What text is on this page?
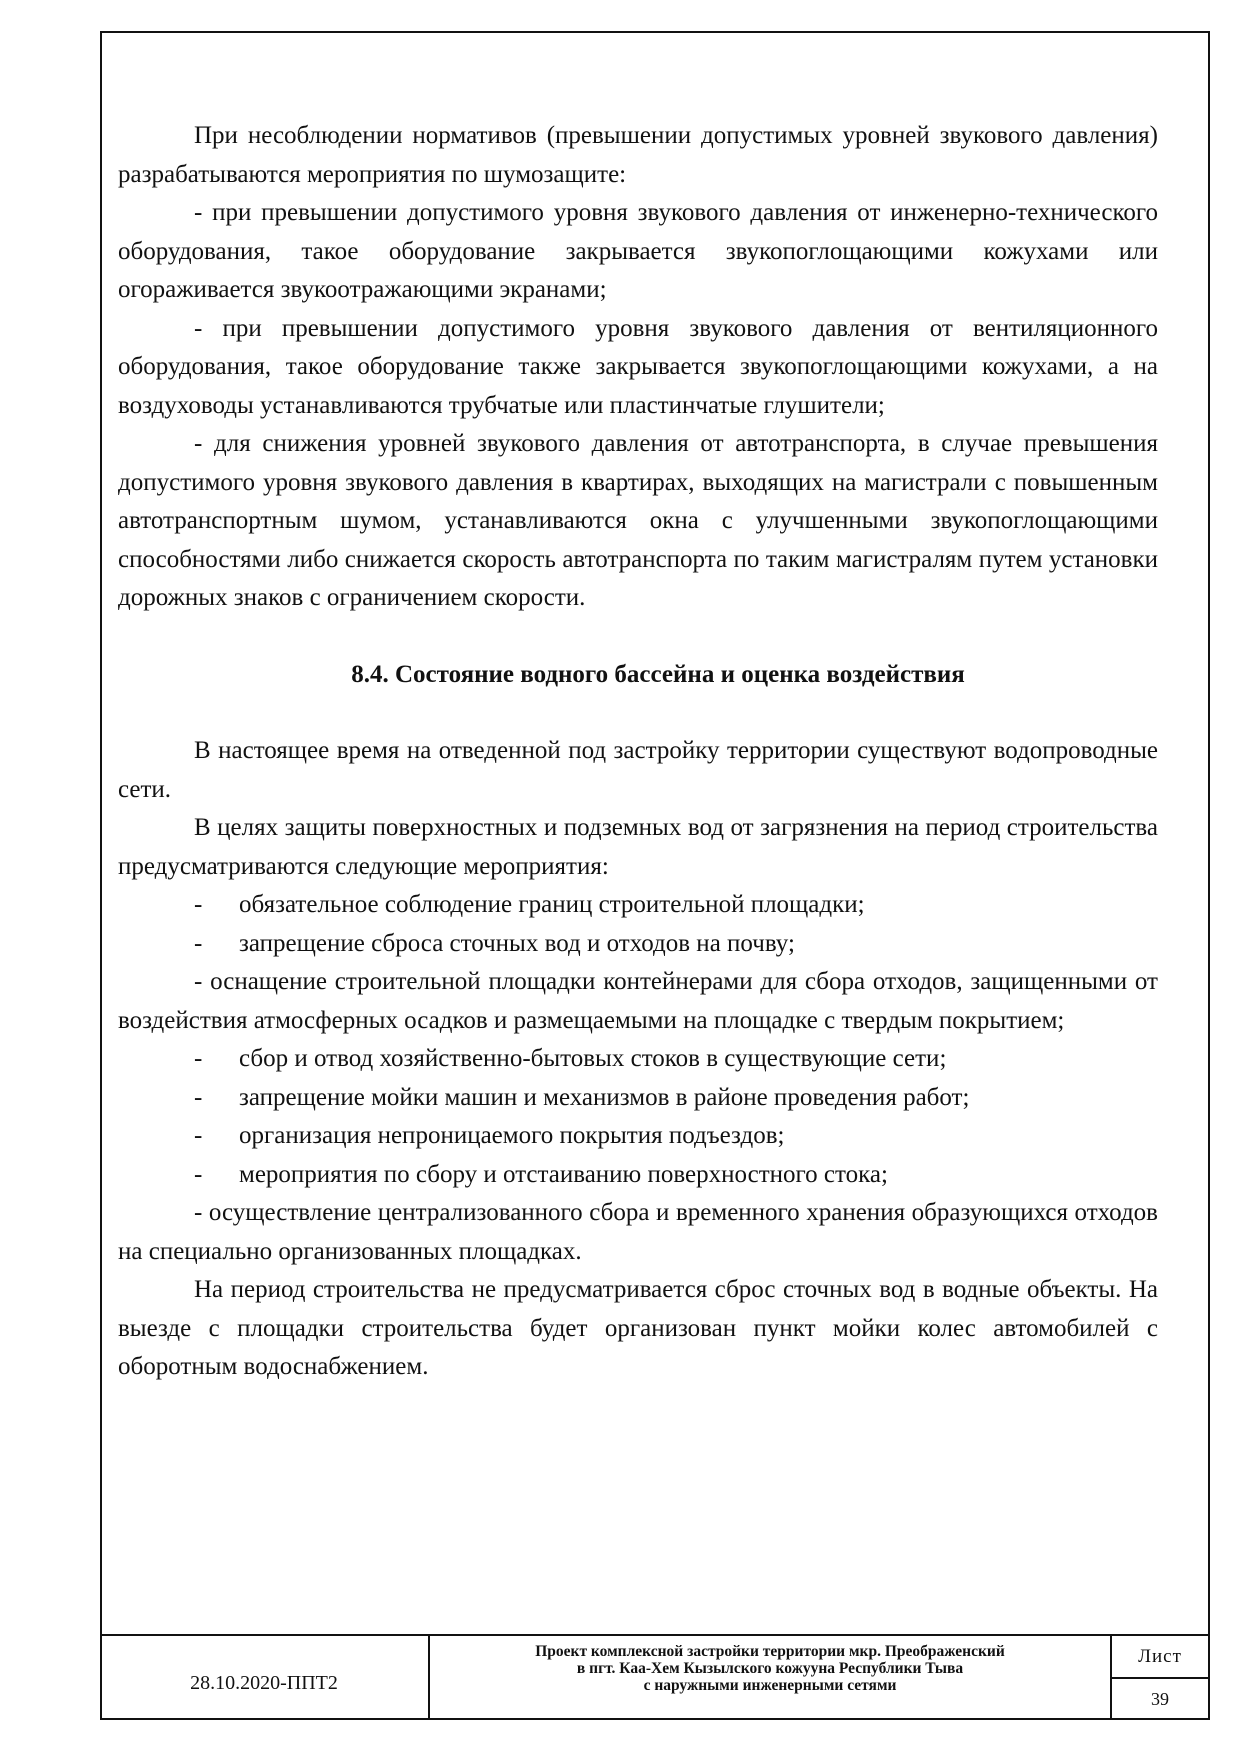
При несоблюдении нормативов (превышении допустимых уровней звукового давления) разрабатываются мероприятия по шумозащите:

- при превышении допустимого уровня звукового давления от инженерно-технического оборудования, такое оборудование закрывается звукопоглощающими кожухами или огораживается звукоотражающими экранами;

- при превышении допустимого уровня звукового давления от вентиляционного оборудования, такое оборудование также закрывается звукопоглощающими кожухами, а на воздуховоды устанавливаются трубчатые или пластинчатые глушители;

- для снижения уровней звукового давления от автотранспорта, в случае превышения допустимого уровня звукового давления в квартирах, выходящих на магистрали с повышенным автотранспортным шумом, устанавливаются окна с улучшенными звукопоглощающими способностями либо снижается скорость автотранспорта по таким магистралям путем установки дорожных знаков с ограничением скорости.

8.4. Состояние водного бассейна и оценка воздействия

В настоящее время на отведенной под застройку территории существуют водопроводные сети.

В целях защиты поверхностных и подземных вод от загрязнения на период строительства предусматриваются следующие мероприятия:

-	обязательное соблюдение границ строительной площадки;
-	запрещение сброса сточных вод и отходов на почву;

- оснащение строительной площадки контейнерами для сбора отходов, защищенными от воздействия атмосферных осадков и размещаемыми на площадке с твердым покрытием;

-	сбор и отвод хозяйственно-бытовых стоков в существующие сети;
-	запрещение мойки машин и механизмов в районе проведения работ;
-	организация непроницаемого покрытия подъездов;
-	мероприятия по сбору и отстаиванию поверхностного стока;

- осуществление централизованного сбора и временного хранения образующихся отходов на специально организованных площадках.

На период строительства не предусматривается сброс сточных вод в водные объекты. На выезде с площадки строительства будет организован пункт мойки колес автомобилей с оборотным водоснабжением.

28.10.2020-ППТ2
Проект комплексной застройки территории мкр. Преображенский
в пгт. Каа-Хем Кызылского кожууна Республики Тыва
с наружными инженерными сетями
Лист
39
